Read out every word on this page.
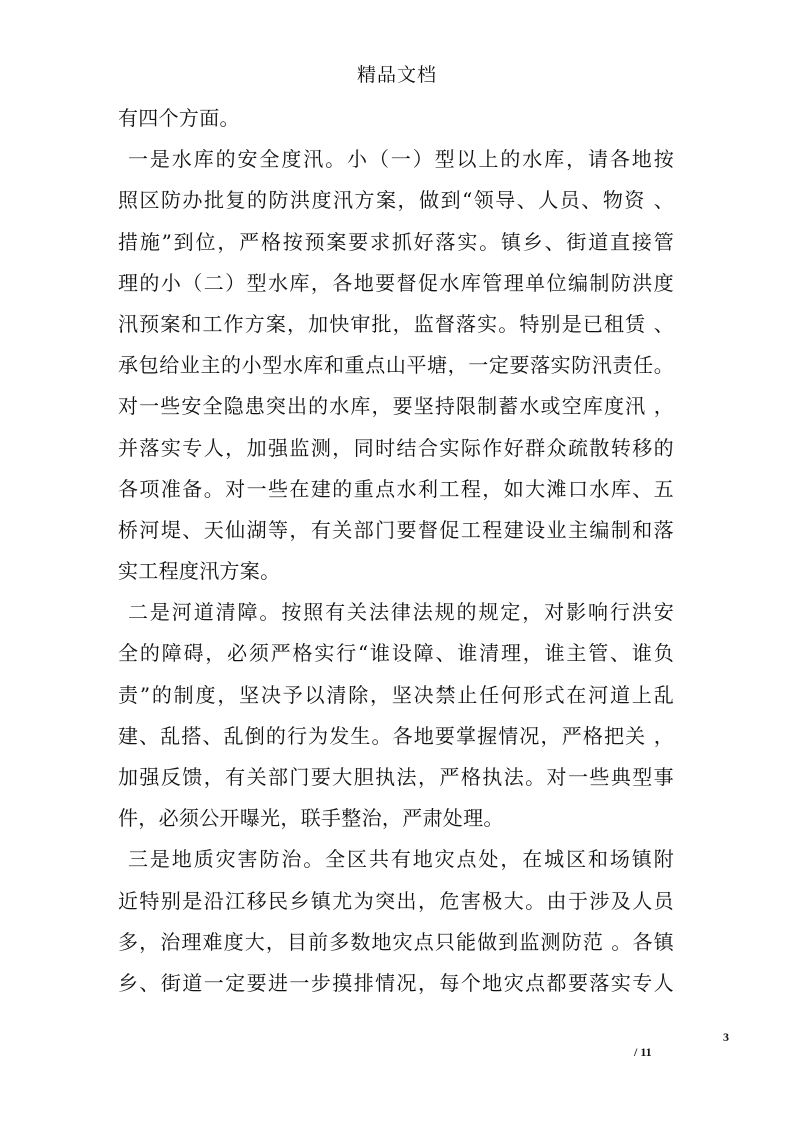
精品文档
有四个方面。
一是水库的安全度汛。小（一）型以上的水库，请各地按
照区防办批复的防洪度汛方案，做到“领导、人员、物资 、
措施”到位，严格按预案要求抓好落实。镇乡、街道直接管
理的小（二）型水库，各地要督促水库管理单位编制防洪度
汛预案和工作方案，加快审批，监督落实。特别是已租赁 、
承包给业主的小型水库和重点山平塘，一定要落实防汛责任。
对一些安全隐患突出的水库，要坚持限制蓄水或空库度汛 ，
并落实专人，加强监测，同时结合实际作好群众疏散转移的
各项准备。对一些在建的重点水利工程，如大滩口水库、五
桥河堤、天仙湖等，有关部门要督促工程建设业主编制和落
实工程度汛方案。
二是河道清障。按照有关法律法规的规定，对影响行洪安
全的障碍，必须严格实行“谁设障、谁清理，谁主管、谁负
责”的制度，坚决予以清除，坚决禁止任何形式在河道上乱
建、乱搭、乱倒的行为发生。各地要掌握情况，严格把关 ，
加强反馈，有关部门要大胆执法，严格执法。对一些典型事
件，必须公开曝光，联手整治，严肃处理。
三是地质灾害防治。全区共有地灾点处，在城区和场镇附
近特别是沿江移民乡镇尤为突出，危害极大。由于涉及人员
多，治理难度大，目前多数地灾点只能做到监测防范 。各镇
乡、街道一定要进一步摸排情况，每个地灾点都要落实专人
3
/ 11
